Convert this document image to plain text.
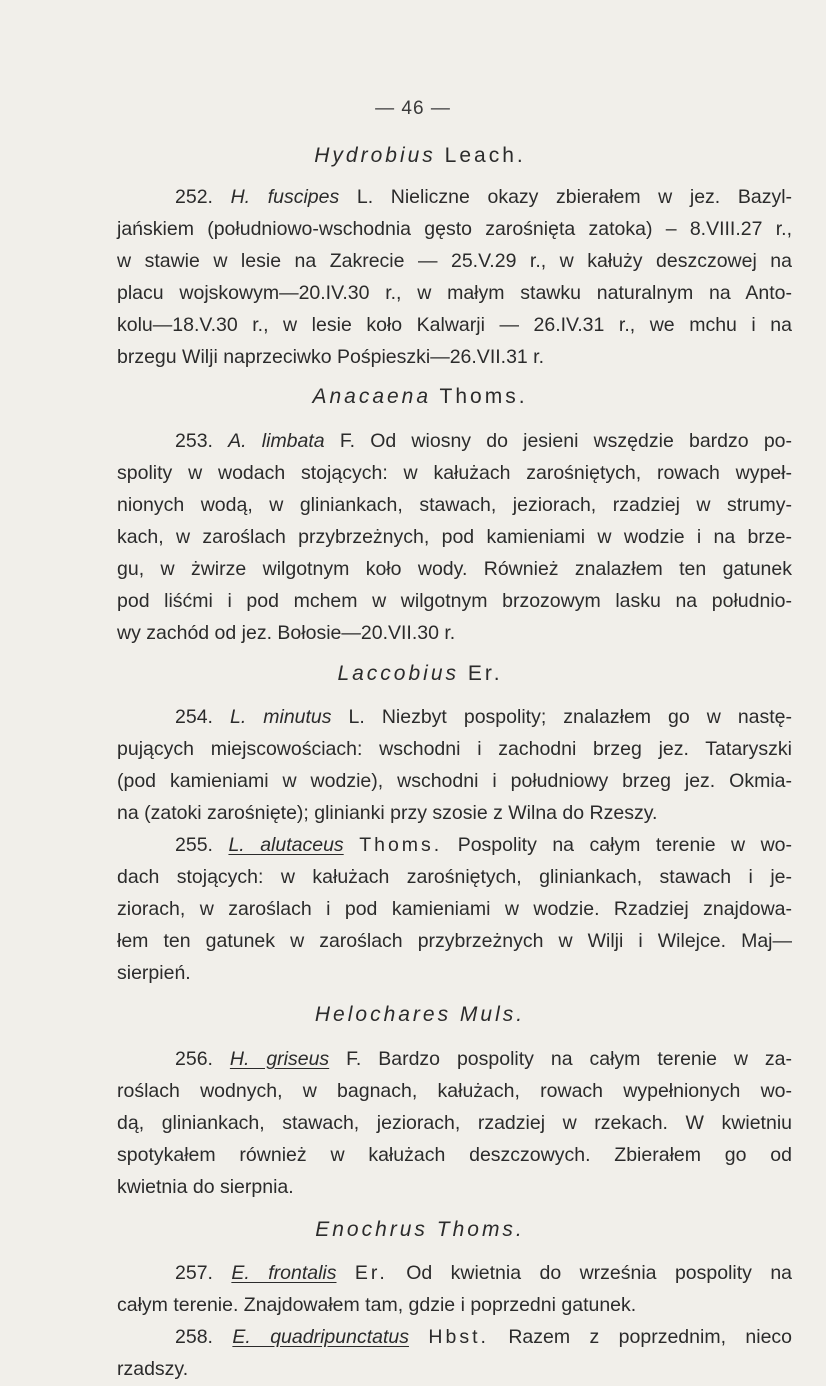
— 46 —
Hydrobius Leach.
252. H. fuscipes L. Nieliczne okazy zbierałem w jez. Bazyl-
jańskiem (południowo-wschodnia gęsto zarośnięta zatoka) – 8.VIII.27 r.,
w stawie w lesie na Zakrecie — 25.V.29 r., w kałuży deszczowej na
placu wojskowym—20.IV.30 r., w małym stawku naturalnym na Anto-
kolu—18.V.30 r., w lesie koło Kalwarji — 26.IV.31 r., we mchu i na
brzegu Wilji naprzeciwko Pośpieszki—26.VII.31 r.
Anacaena Thoms.
253. A. limbata F. Od wiosny do jesieni wszędzie bardzo po-
spolity w wodach stojących: w kałużach zarośniętych, rowach wypeł-
nionych wodą, w gliniankach, stawach, jeziorach, rzadziej w strumy-
kach, w zaroślach przybrzeżnych, pod kamieniami w wodzie i na brze-
gu, w żwirze wilgotnym koło wody. Również znalazłem ten gatunek
pod liśćmi i pod mchem w wilgotnym brzozowym lasku na południo-
wy zachód od jez. Bołosie—20.VII.30 r.
Laccobius Er.
254. L. minutus L. Niezbyt pospolity; znalazłem go w nastę-
pujących miejscowościach: wschodni i zachodni brzeg jez. Tataryszki
(pod kamieniami w wodzie), wschodni i południowy brzeg jez. Okmia-
na (zatoki zarośnięte); glinianki przy szosie z Wilna do Rzeszy.
255. L. alutaceus Thoms. Pospolity na całym terenie w wo-
dach stojących: w kałużach zarośniętych, gliniankach, stawach i je-
ziorach, w zaroślach i pod kamieniami w wodzie. Rzadziej znajdowa-
łem ten gatunek w zaroślach przybrzeżnych w Wilji i Wilejce. Maj—
sierpień.
Helochares Muls.
256. H. griseus F. Bardzo pospolity na całym terenie w za-
roślach wodnych, w bagnach, kałużach, rowach wypełnionych wo-
dą, gliniankach, stawach, jeziorach, rzadziej w rzekach. W kwietniu
spotykałem również w kałużach deszczowych. Zbierałem go od
kwietnia do sierpnia.
Enochrus Thoms.
257. E. frontalis Er. Od kwietnia do września pospolity na
całym terenie. Znajdowałem tam, gdzie i poprzedni gatunek.
258. E. quadripunctatus Hbst. Razem z poprzednim, nieco
rzadszy.
